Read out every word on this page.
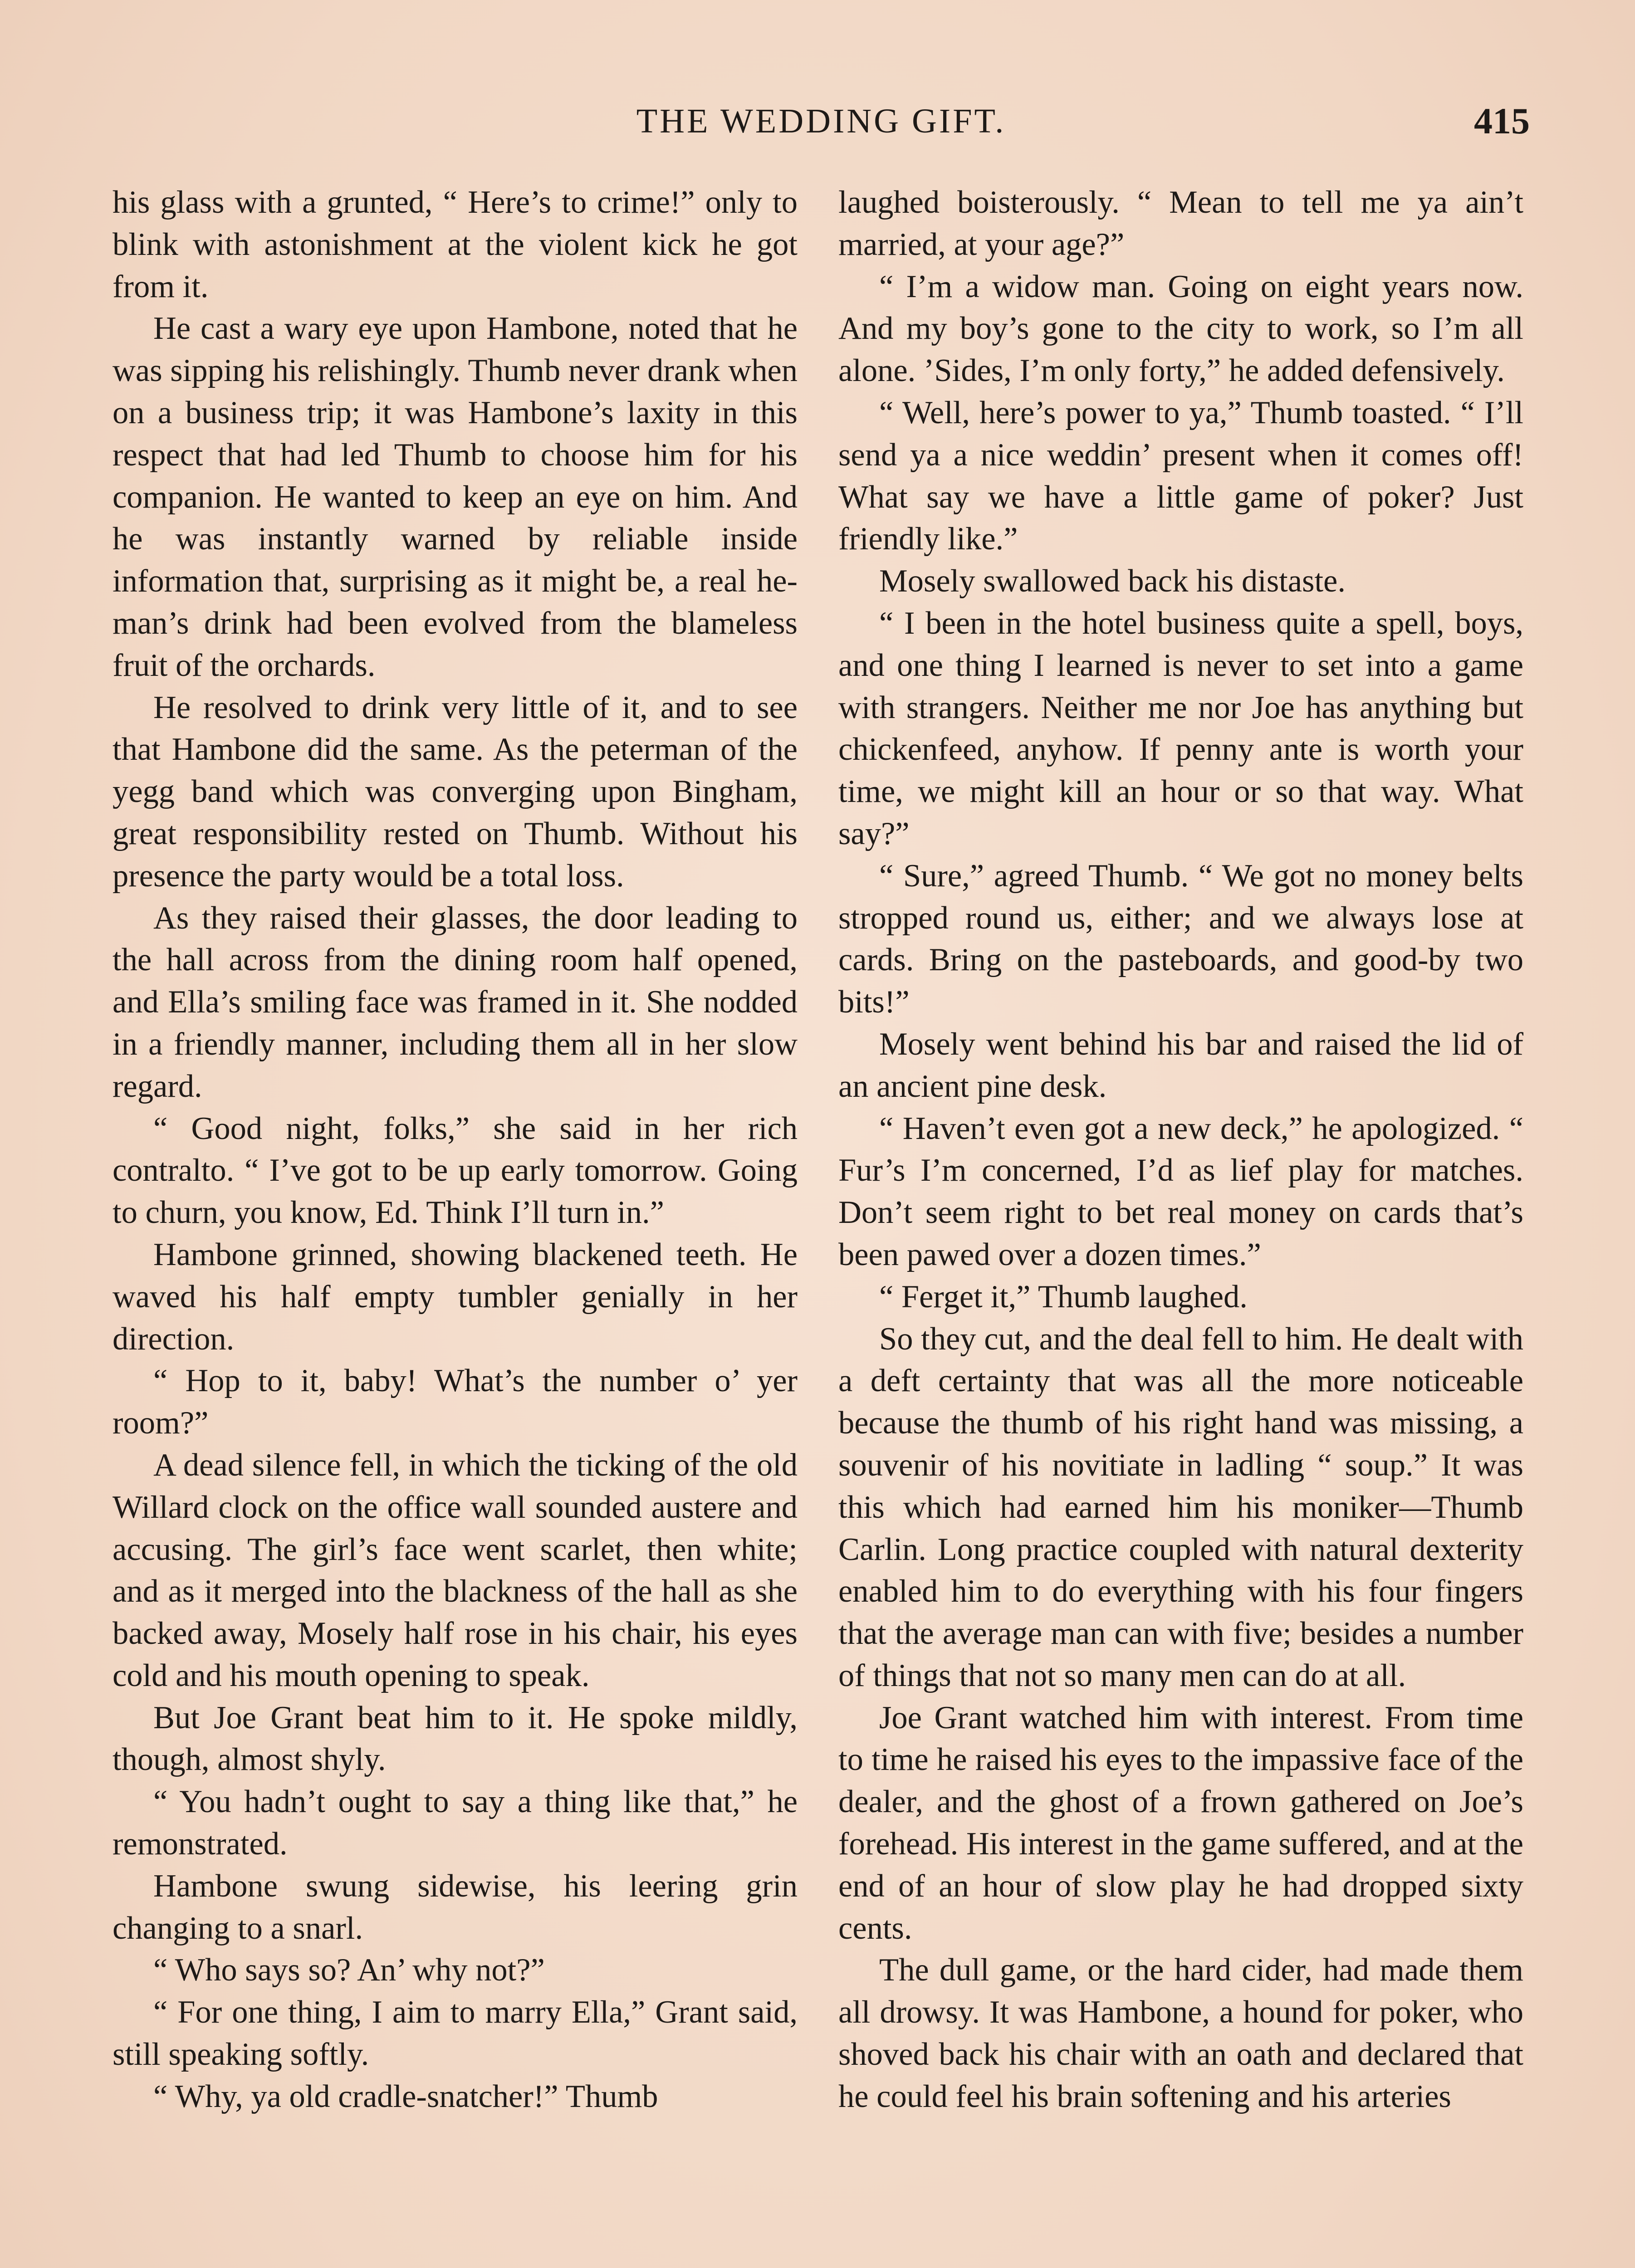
THE WEDDING GIFT.	415

his glass with a grunted, “ Here’s to crime!” only to blink with astonishment at the violent kick he got from it.

He cast a wary eye upon Hambone, noted that he was sipping his relishingly. Thumb never drank when on a business trip; it was Hambone’s laxity in this respect that had led Thumb to choose him for his companion. He wanted to keep an eye on him. And he was instantly warned by reliable inside information that, surprising as it might be, a real he-man’s drink had been evolved from the blameless fruit of the orchards.

He resolved to drink very little of it, and to see that Hambone did the same. As the peterman of the yegg band which was converging upon Bingham, great responsibility rested on Thumb. Without his presence the party would be a total loss.

As they raised their glasses, the door leading to the hall across from the dining room half opened, and Ella’s smiling face was framed in it. She nodded in a friendly manner, including them all in her slow regard.

“ Good night, folks,” she said in her rich contralto. “ I’ve got to be up early tomorrow. Going to churn, you know, Ed. Think I’ll turn in.”

Hambone grinned, showing blackened teeth. He waved his half empty tumbler genially in her direction.

“ Hop to it, baby! What’s the number o’ yer room?”

A dead silence fell, in which the ticking of the old Willard clock on the office wall sounded austere and accusing. The girl’s face went scarlet, then white; and as it merged into the blackness of the hall as she backed away, Mosely half rose in his chair, his eyes cold and his mouth opening to speak.

But Joe Grant beat him to it. He spoke mildly, though, almost shyly.

“ You hadn’t ought to say a thing like that,” he remonstrated.

Hambone swung sidewise, his leering grin changing to a snarl.

“ Who says so? An’ why not?”

“ For one thing, I aim to marry Ella,” Grant said, still speaking softly.

“ Why, ya old cradle-snatcher!” Thumb

laughed boisterously. “ Mean to tell me ya ain’t married, at your age?”

“ I’m a widow man. Going on eight years now. And my boy’s gone to the city to work, so I’m all alone. ’Sides, I’m only forty,” he added defensively.

“ Well, here’s power to ya,” Thumb toasted. “ I’ll send ya a nice weddin’ present when it comes off! What say we have a little game of poker? Just friendly like.”

Mosely swallowed back his distaste.

“ I been in the hotel business quite a spell, boys, and one thing I learned is never to set into a game with strangers. Neither me nor Joe has anything but chickenfeed, anyhow. If penny ante is worth your time, we might kill an hour or so that way. What say?”

“ Sure,” agreed Thumb. “ We got no money belts stropped round us, either; and we always lose at cards. Bring on the pasteboards, and good-by two bits!”

Mosely went behind his bar and raised the lid of an ancient pine desk.

“ Haven’t even got a new deck,” he apologized. “ Fur’s I’m concerned, I’d as lief play for matches. Don’t seem right to bet real money on cards that’s been pawed over a dozen times.”

“ Ferget it,” Thumb laughed.

So they cut, and the deal fell to him. He dealt with a deft certainty that was all the more noticeable because the thumb of his right hand was missing, a souvenir of his novitiate in ladling “ soup.” It was this which had earned him his moniker—Thumb Carlin. Long practice coupled with natural dexterity enabled him to do everything with his four fingers that the average man can with five; besides a number of things that not so many men can do at all.

Joe Grant watched him with interest. From time to time he raised his eyes to the impassive face of the dealer, and the ghost of a frown gathered on Joe’s forehead. His interest in the game suffered, and at the end of an hour of slow play he had dropped sixty cents.

The dull game, or the hard cider, had made them all drowsy. It was Hambone, a hound for poker, who shoved back his chair with an oath and declared that he could feel his brain softening and his arteries
